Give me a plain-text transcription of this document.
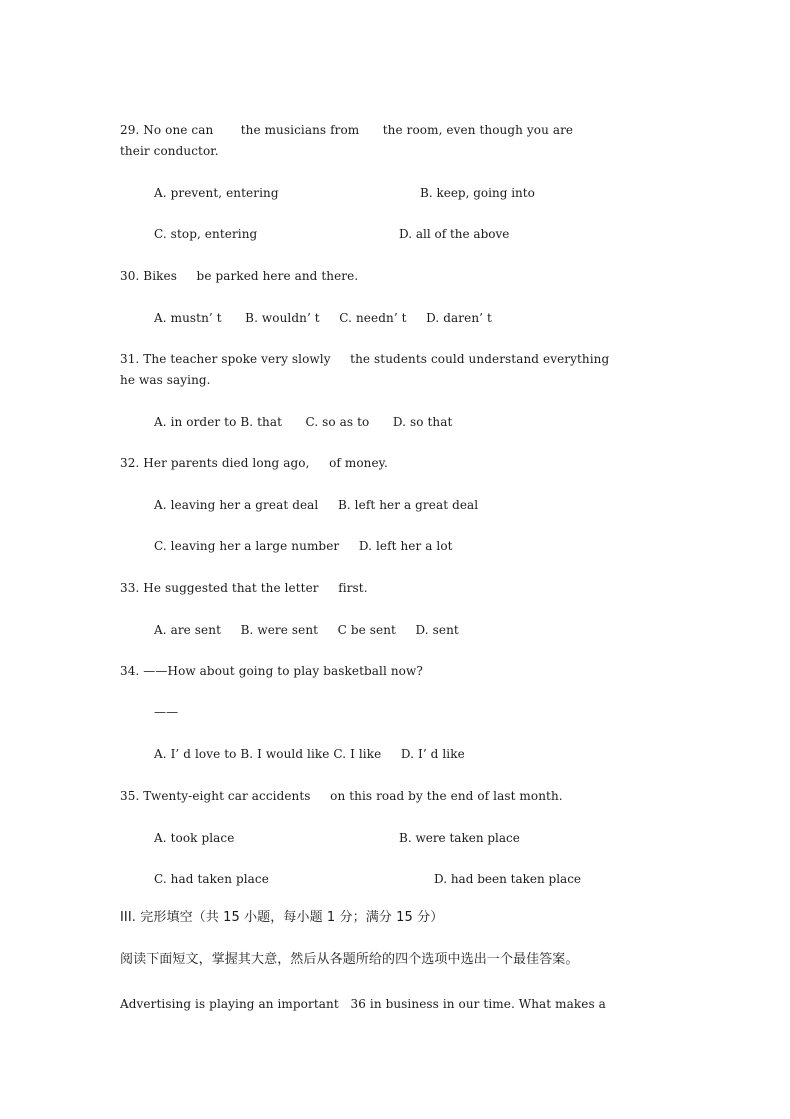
29. No one can       the musicians from      the room, even though you are
their conductor.
A. prevent, entering	B. keep, going into
C. stop, entering	D. all of the above
30. Bikes     be parked here and there.
A. mustn’ t      B. wouldn’ t     C. needn’ t     D. daren’ t
31. The teacher spoke very slowly     the students could understand everything
he was saying.
A. in order to B. that      C. so as to      D. so that
32. Her parents died long ago,     of money.
A. leaving her a great deal     B. left her a great deal
C. leaving her a large number     D. left her a lot
33. He suggested that the letter     first.
A. are sent     B. were sent     C be sent     D. sent
34. ——How about going to play basketball now?
——
A. I’ d love to B. I would like C. I like     D. I’ d like
35. Twenty-eight car accidents     on this road by the end of last month.
A. took place	B. were taken place
C. had taken place	D. had been taken place
III. 完形填空（共 15 小题，每小题 1 分；满分 15 分）
阅读下面短文，掌握其大意，然后从各题所给的四个选项中选出一个最佳答案。
Advertising is playing an important   36 in business in our time. What makes a
